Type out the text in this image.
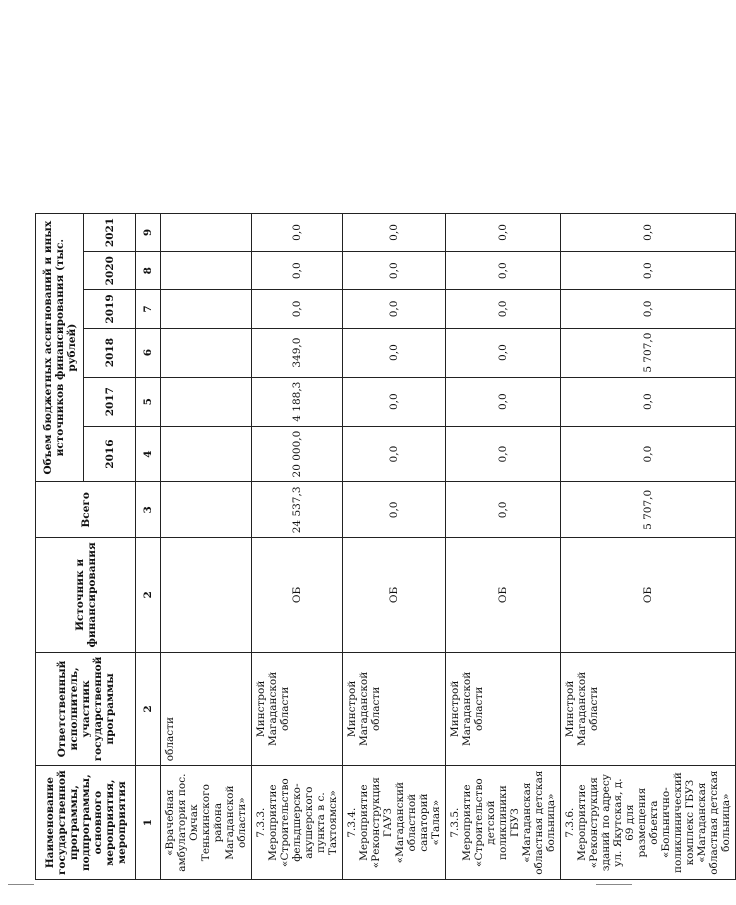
Наименование государственной программы, подпрограммы, основного мероприятия, мероприятия	Ответственный исполнитель, участник государственной программы	Источник и финансирования	Всего	Объем бюджетных ассигнований и иных источников финансирования (тыс. рублей)					
				2016	2017	2018	2019	2020	2021
1	2	2	3	4	5	6	7	8	9
«Врачебная амбулатория пос. Омчак Тенькинского района Магаданской области»	области								
7.3.3. Мероприятие «Строительство фельдшерско-акушерского пункта в с. Тахтоямск»	Минстрой Магаданской области	ОБ	24 537,3	20 000,0	4 188,3	349,0	0,0	0,0	0,0
7.3.4. Мероприятие «Реконструкция ГАУЗ «Магаданский областной санаторий «Талая»	Минстрой Магаданской области	ОБ	0,0	0,0	0,0	0,0	0,0	0,0	0,0
7.3.5. Мероприятие «Строительство детской поликлиники ГБУЗ «Магаданская областная детская больница»	Минстрой Магаданской области	ОБ	0,0	0,0	0,0	0,0	0,0	0,0	0,0
7.3.6. Мероприятие «Реконструкция зданий по адресу ул. Якутская, д. 69 для размещения объекта «Больнично-поликлинический комплекс ГБУЗ «Магаданская областная детская больница»	Минстрой Магаданской области	ОБ	5 707,0	0,0	0,0	5 707,0	0,0	0,0	0,0
